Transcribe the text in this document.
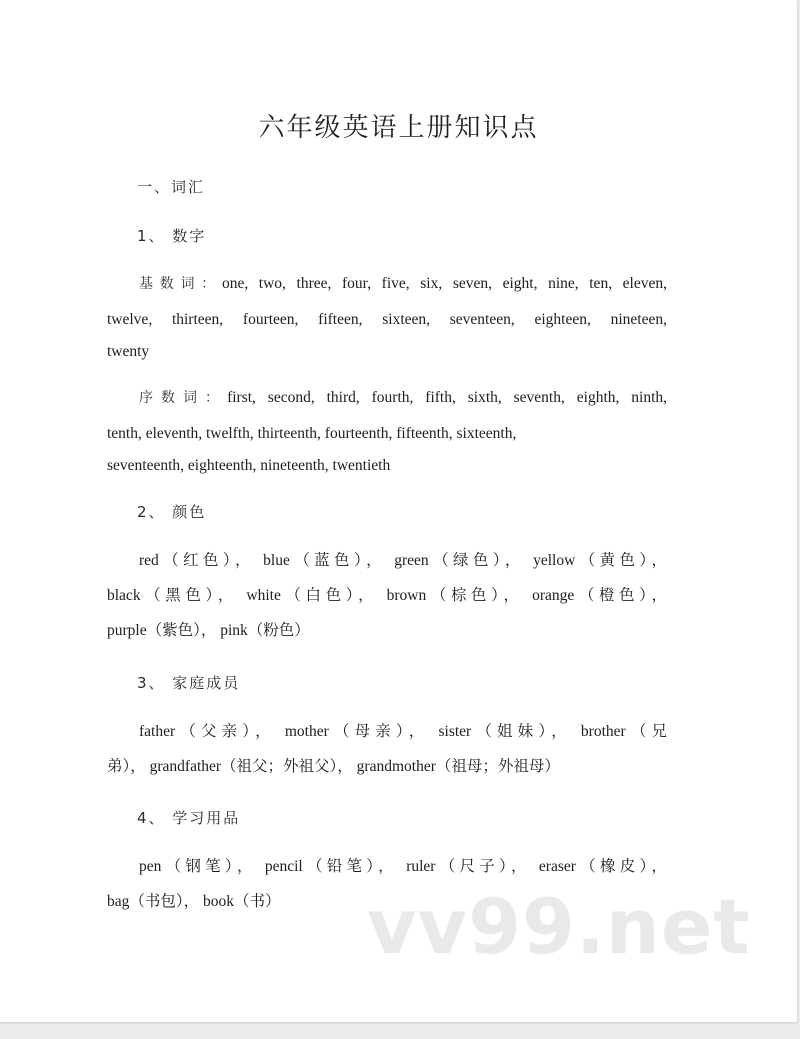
六年级英语上册知识点
一、词汇
1、 数字
基数词：one, two, three, four, five, six, seven, eight, nine, ten, eleven,
twelve, thirteen, fourteen, fifteen, sixteen, seventeen, eighteen, nineteen,
twenty
序数词：first, second, third, fourth, fifth, sixth, seventh, eighth, ninth,
tenth, eleventh, twelfth, thirteenth, fourteenth, fifteenth, sixteenth,
seventeenth, eighteenth, nineteenth, twentieth
2、 颜色
red（红色）， blue（蓝色）， green（绿色）， yellow（黄色），
black（黑色）， white（白色）， brown（棕色）， orange（橙色），
purple（紫色）， pink（粉色）
3、 家庭成员
father（父亲）， mother（母亲）， sister（姐妹）， brother（兄
弟）， grandfather（祖父；外祖父）， grandmother（祖母；外祖母）
4、 学习用品
pen（钢笔）， pencil（铅笔）， ruler（尺子）， eraser（橡皮），
bag（书包）， book（书）	vv99.net
